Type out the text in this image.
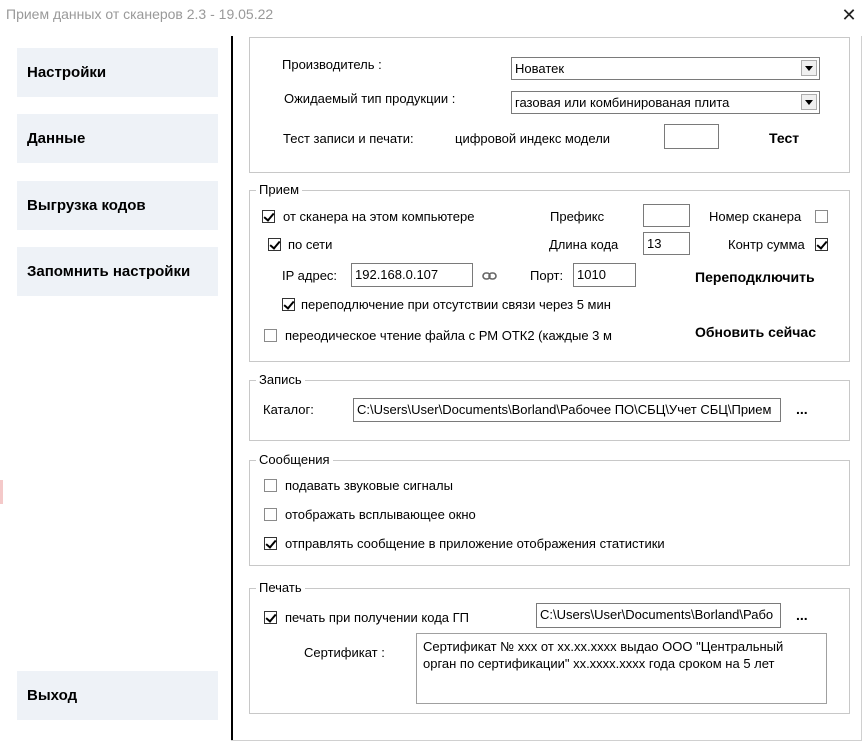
Прием данных от сканеров 2.3 - 19.05.22	✕
Настройки
Данные
Выгрузка кодов
Запомнить настройки
Выход
Производитель :	Новатек
Ожидаемый тип продукции :	газовая или комбинированая плита
Тест записи и печати:	цифровой индекс модели	Тест
Прием
от сканера на этом компьютере	Префикс	Номер сканера
по сети	Длина кода	13	Контр сумма
IP адрес:	192.168.0.107	Порт:	1010	Переподключить
переподлючение при отсутствии связи через 5 мин
переодическое чтение файла с РМ ОТК2 (каждые 3 м	Обновить сейчас
Запись
Каталог:	C:\Users\User\Documents\Borland\Рабочее ПО\СБЦ\Учет СБЦ\Прием	...
Сообщения
подавать звуковые сигналы
отображать всплывающее окно
отправлять сообщение в приложение отображения статистики
Печать
печать при получении кода ГП	C:\Users\User\Documents\Borland\Рабо	...
Сертификат :	Сертификат № xxx от xx.xx.xxxx выдао ООО "Центральный орган по сертификации" xx.xxxx.xxxx года сроком на 5 лет
